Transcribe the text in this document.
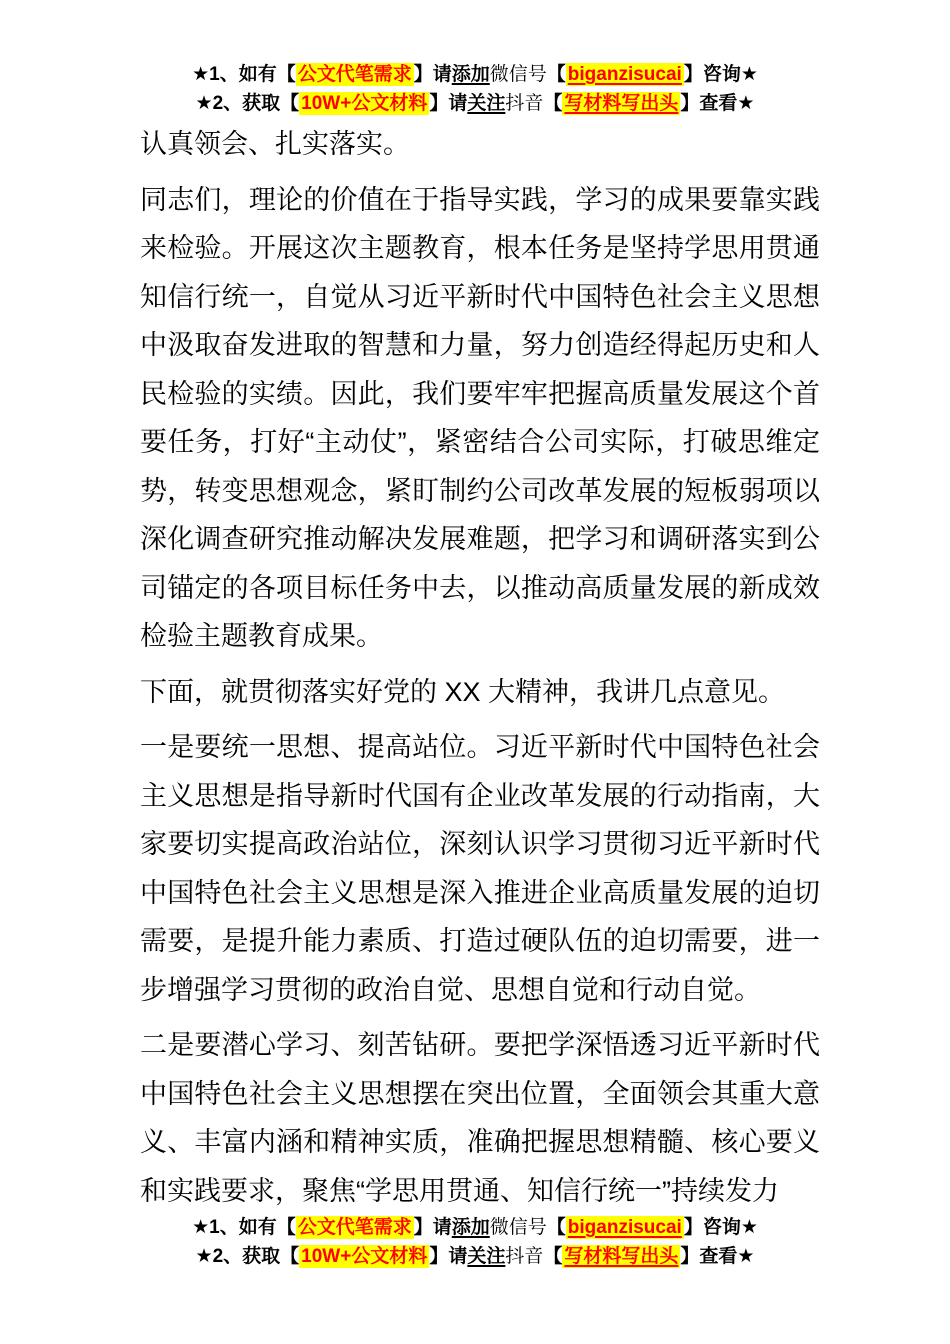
★1、如有【 公文代笔需求 】请添加微信号【 biganzisucai 】咨询★
★2、获取【 10W+公文材料 】请关注抖音【 写材料写出头 】查看★

认真领会、扎实落实。

同志们，理论的价值在于指导实践，学习的成果要靠实践来检验。开展这次主题教育，根本任务是坚持学思用贯通知信行统一，自觉从习近平新时代中国特色社会主义思想中汲取奋发进取的智慧和力量，努力创造经得起历史和人民检验的实绩。因此，我们要牢牢把握高质量发展这个首要任务，打好“主动仗”，紧密结合公司实际，打破思维定势，转变思想观念，紧盯制约公司改革发展的短板弱项以深化调查研究推动解决发展难题，把学习和调研落实到公司锚定的各项目标任务中去，以推动高质量发展的新成效检验主题教育成果。

下面，就贯彻落实好党的 XX 大精神，我讲几点意见。

一是要统一思想、提高站位。习近平新时代中国特色社会主义思想是指导新时代国有企业改革发展的行动指南，大家要切实提高政治站位，深刻认识学习贯彻习近平新时代中国特色社会主义思想是深入推进企业高质量发展的迫切需要，是提升能力素质、打造过硬队伍的迫切需要，进一步增强学习贯彻的政治自觉、思想自觉和行动自觉。

二是要潜心学习、刻苦钻研。要把学深悟透习近平新时代中国特色社会主义思想摆在突出位置，全面领会其重大意义、丰富内涵和精神实质，准确把握思想精髓、核心要义和实践要求，聚焦“学思用贯通、知信行统一”持续发力

★1、如有【 公文代笔需求 】请添加微信号【 biganzisucai 】咨询★
★2、获取【 10W+公文材料 】请关注抖音【 写材料写出头 】查看★
